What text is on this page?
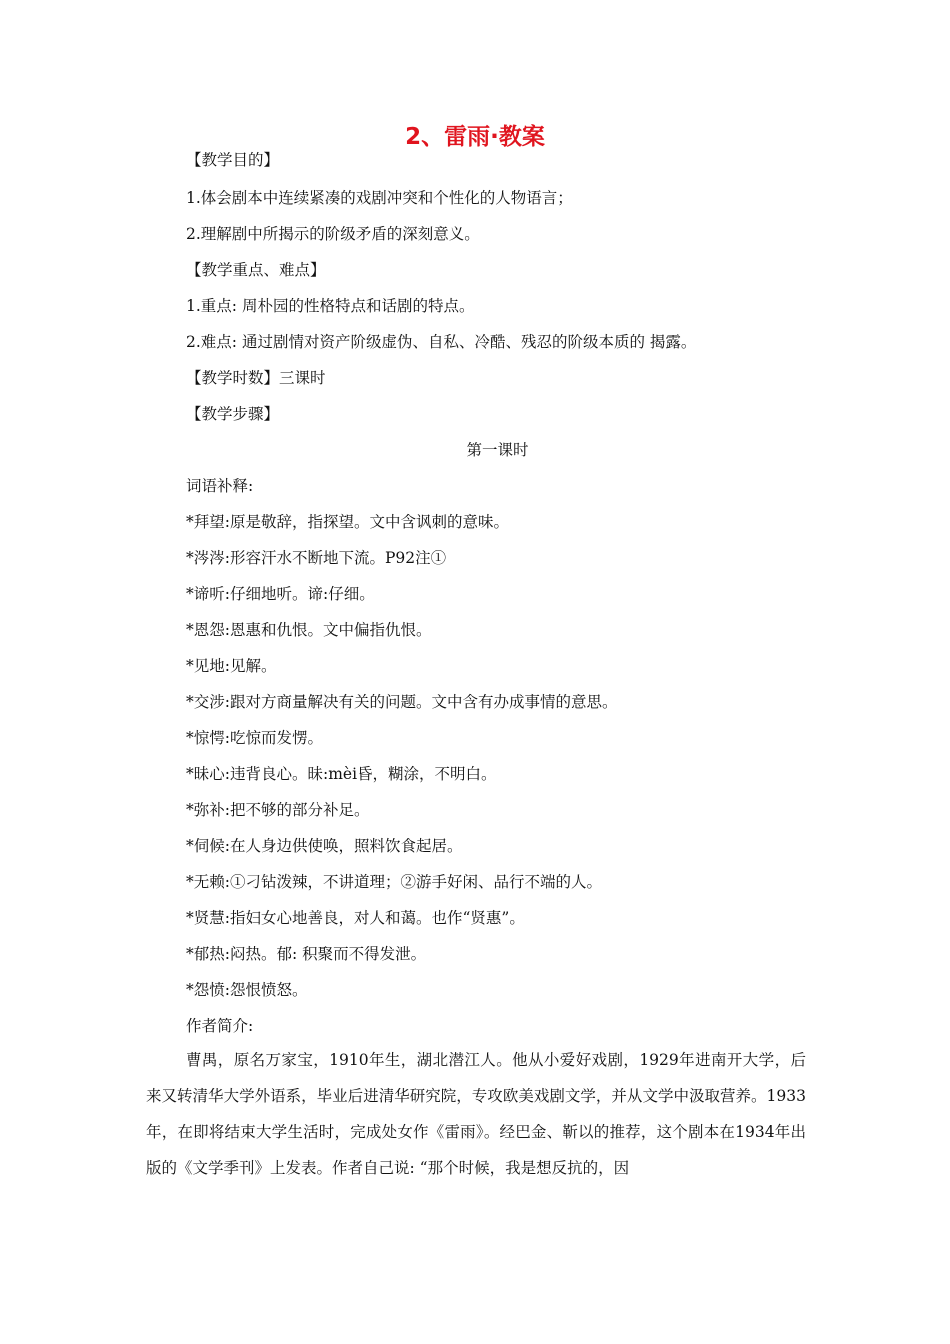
2、雷雨·教案
【教学目的】
1.体会剧本中连续紧凑的戏剧冲突和个性化的人物语言；
2.理解剧中所揭示的阶级矛盾的深刻意义。
【教学重点、难点】
1.重点: 周朴园的性格特点和话剧的特点。
2.难点: 通过剧情对资产阶级虚伪、自私、冷酷、残忍的阶级本质的 揭露。
【教学时数】三课时
【教学步骤】
第一课时
词语补释:
*拜望:原是敬辞，指探望。文中含讽刺的意味。
*涔涔:形容汗水不断地下流。P92注①
*谛听:仔细地听。谛:仔细。
*恩怨:恩惠和仇恨。文中偏指仇恨。
*见地:见解。
*交涉:跟对方商量解决有关的问题。文中含有办成事情的意思。
*惊愕:吃惊而发愣。
*昧心:违背良心。昧:mèi昏，糊涂，不明白。
*弥补:把不够的部分补足。
*伺候:在人身边供使唤，照料饮食起居。
*无赖:①刁钻泼辣，不讲道理；②游手好闲、品行不端的人。
*贤慧:指妇女心地善良，对人和蔼。也作“贤惠”。
*郁热:闷热。郁: 积聚而不得发泄。
*怨愤:怨恨愤怒。
作者简介:
曹禺，原名万家宝，1910年生，湖北潜江人。他从小爱好戏剧，1929年进南开大学，后来又转清华大学外语系，毕业后进清华研究院，专攻欧美戏剧文学，并从文学中汲取营养。1933年，在即将结束大学生活时，完成处女作《雷雨》。经巴金、靳以的推荐，这个剧本在1934年出版的《文学季刊》上发表。作者自己说: “那个时候，我是想反抗的，因
